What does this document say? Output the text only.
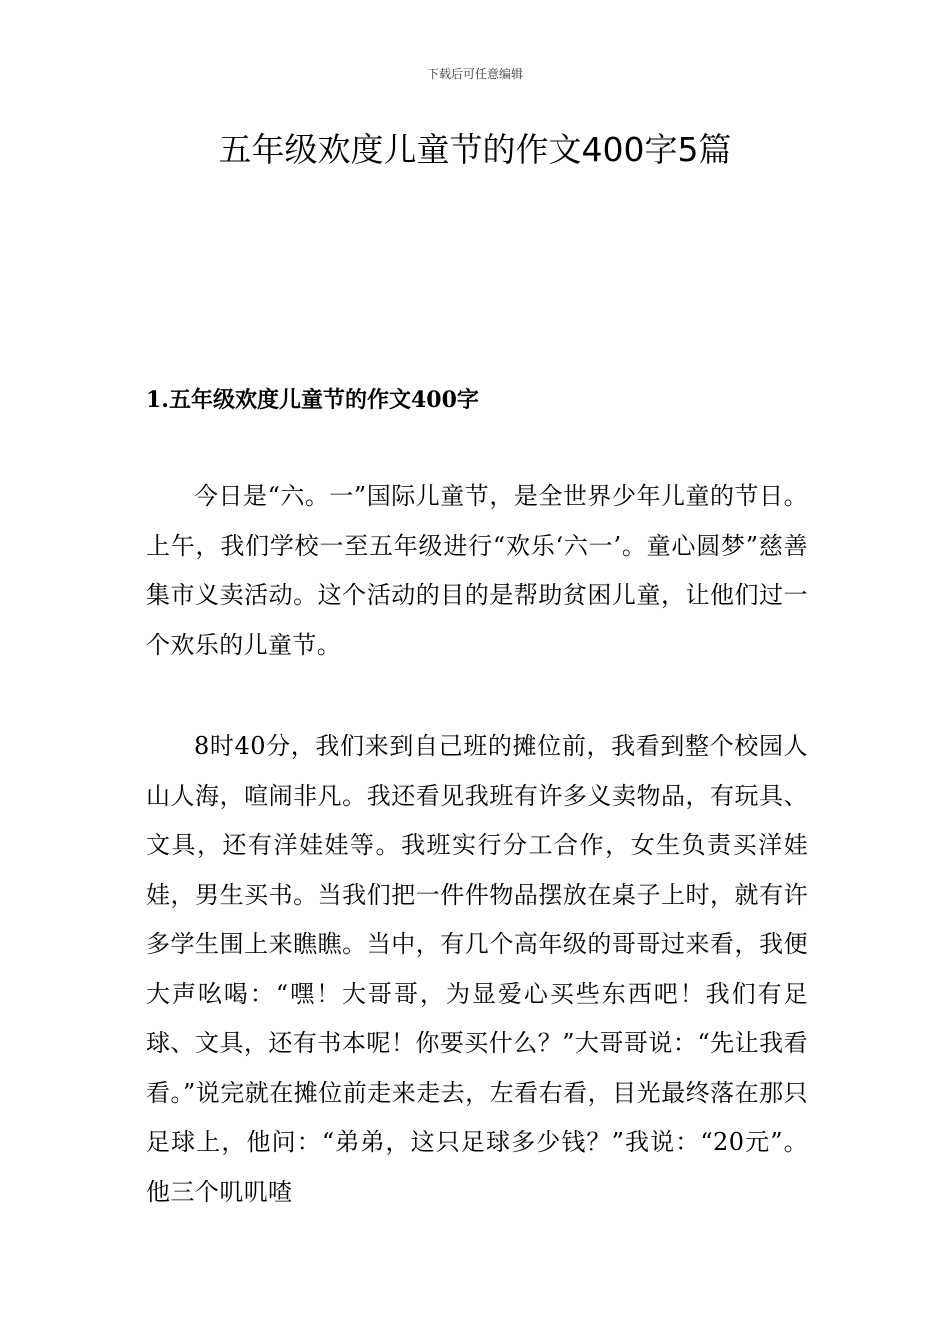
下载后可任意编辑
五年级欢度儿童节的作文400字5篇
1.五年级欢度儿童节的作文400字

今日是“六。一”国际儿童节，是全世界少年儿童的节日。上午，我们学校一至五年级进行“欢乐‘六一’。童心圆梦”慈善集市义卖活动。这个活动的目的是帮助贫困儿童，让他们过一个欢乐的儿童节。

8时40分，我们来到自己班的摊位前，我看到整个校园人山人海，喧闹非凡。我还看见我班有许多义卖物品，有玩具、文具，还有洋娃娃等。我班实行分工合作，女生负责买洋娃娃，男生买书。当我们把一件件物品摆放在桌子上时，就有许多学生围上来瞧瞧。当中，有几个高年级的哥哥过来看，我便大声吆喝：“嘿！大哥哥，为显爱心买些东西吧！我们有足球、文具，还有书本呢！你要买什么？”大哥哥说：“先让我看看。”说完就在摊位前走来走去，左看右看，目光最终落在那只足球上，他问：“弟弟，这只足球多少钱？”我说：“20元”。他三个叽叽喳
